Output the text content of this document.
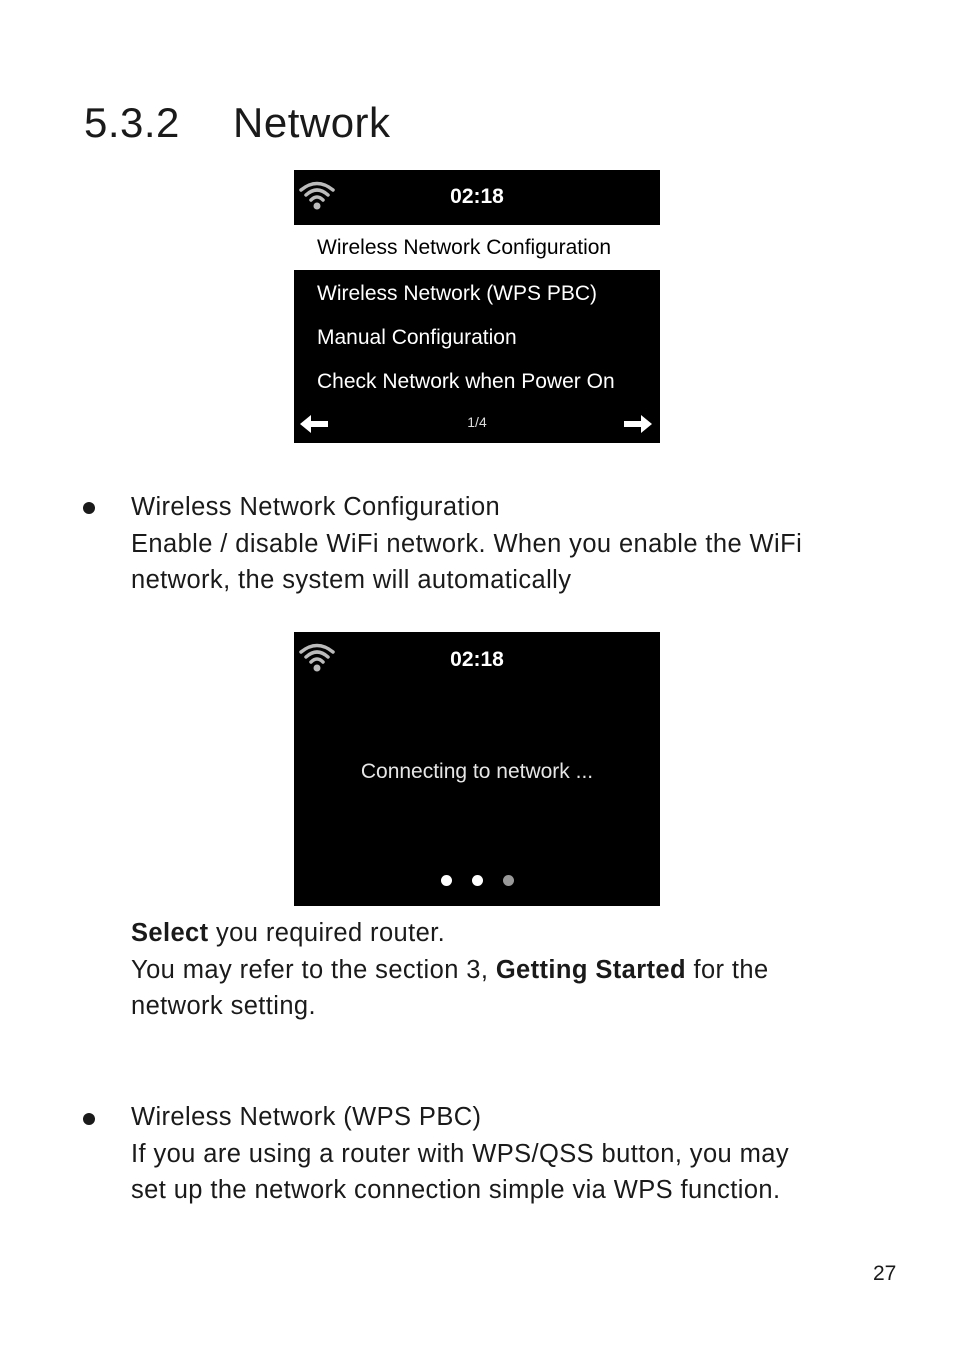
5.3.2 Network
02:18
Wireless Network Configuration
Wireless Network (WPS PBC)
Manual Configuration
Check Network when Power On
1/4
Wireless Network Configuration
Enable / disable WiFi network. When you enable the WiFi
network, the system will automatically
02:18
Connecting to network ...

Select you required router.
You may refer to the section 3, Getting Started for the
network setting.
Wireless Network (WPS PBC)
If you are using a router with WPS/QSS button, you may
set up the network connection simple via WPS function.
27
